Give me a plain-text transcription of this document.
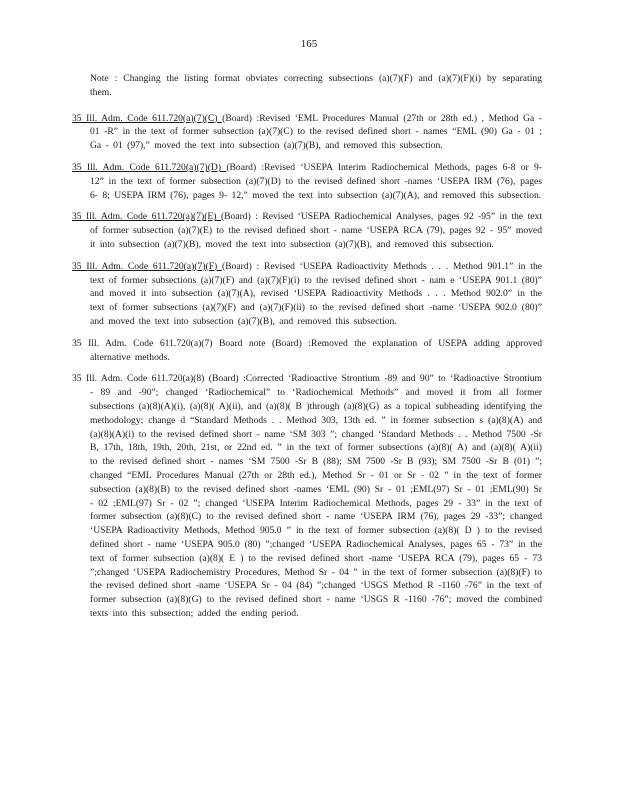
165

Note : Changing the listing format obviates correcting subsections (a)(7)(F) and (a)(7)(F)(i) by separating them.

35 Ill. Adm. Code 611.720(a)(7)(C) (Board) :Revised ‘EML Procedures Manual (27th or 28th ed.) , Method Ga - 01 -R” in the text of former subsection (a)(7)(C) to the revised defined short - names “EML (90) Ga - 01 ; Ga - 01 (97),” moved the text into subsection (a)(7)(B), and removed this subsection.
35 Ill. Adm. Code 611.720(a)(7)(D) (Board) :Revised ‘USEPA Interim Radiochemical Methods, pages 6-8 or 9-12” in the text of former subsection (a)(7)(D) to the revised defined short -names ‘USEPA IRM (76), pages 6- 8; USEPA IRM (76), pages 9- 12,” moved the text into subsection (a)(7)(A), and removed this subsection.
35 Ill. Adm. Code 611.720(a)(7)(E) (Board) : Revised ‘USEPA Radiochemical Analyses, pages 92 -95” in the text of former subsection (a)(7)(E) to the revised defined short - name ‘USEPA RCA (79), pages 92 - 95” moved it into subsection (a)(7)(B), moved the text into subsection (a)(7)(B), and removed this subsection.
35 Ill. Adm. Code 611.720(a)(7)(F) (Board) : Revised ‘USEPA Radioactivity Methods . . . Method 901.1” in the text of former subsections (a)(7)(F) and (a)(7)(F)(i) to the revised defined short - nam e ‘USEPA 901.1 (80)” and moved it into subsection (a)(7)(A), revised ‘USEPA Radioactivity Methods . . . Method 902.0” in the text of former subsections (a)(7)(F) and (a)(7)(F)(ii) to the revised defined short -name ‘USEPA 902.0 (80)” and moved the text into subsection (a)(7)(B), and removed this subsection.
35 Ill. Adm. Code 611.720(a)(7) Board note (Board) :Removed the explanation of USEPA adding approved alternative methods.
35 Ill. Adm. Code 611.720(a)(8) (Board) :Corrected ‘Radioactive Strontium -89 and 90” to ‘Radioactive Strontium - 89 and -90”; changed ‘Radiochemical” to ‘Radiochemical Methods” and moved it from all former subsections (a)(8)(A)(i), (a)(8)( A)(ii), and (a)(8)( B )through (a)(8)(G) as a topical subheading identifying the methodology; change d “Standard Methods . . Method 303, 13th ed. ” in former subsection s (a)(8)(A) and (a)(8)(A)(i) to the revised defined short - name ‘SM 303 ”; changed ‘Standard Methods . . Method 7500 -Sr B, 17th, 18th, 19th, 20th, 21st, or 22nd ed. ” in the text of former subsections (a)(8)( A) and (a)(8)( A)(ii) to the revised defined short - names ‘SM 7500 -Sr B (88); SM 7500 -Sr B (93); SM 7500 -Sr B (01) ”; changed “EML Procedures Manual (27th or 28th ed.), Method Sr - 01 or Sr - 02 ” in the text of former subsection (a)(8)(B) to the revised defined short -names ‘EML (90) Sr - 01 ;EML(97) Sr - 01 ;EML(90) Sr - 02 ;EML(97) Sr - 02 ”; changed ‘USEPA Interim Radiochemical Methods, pages 29 - 33” in the text of former subsection (a)(8)(C) to the revised defined short - name ‘USEPA IRM (76), pages 29 -33”; changed ‘USEPA Radioactivity Methods, Method 905.0 ” in the text of former subsection (a)(8)( D ) to the revised defined short - name ‘USEPA 905.0 (80) ”;changed ‘USEPA Radiochemical Analyses, pages 65 - 73” in the text of former subsection (a)(8)( E ) to the revised defined short -name ‘USEPA RCA (79), pages 65 - 73 ”;changed ‘USEPA Radiochemistry Procedures, Method Sr - 04 ” in the text of former subsection (a)(8)(F) to the revised defined short -name ‘USEPA Sr - 04 (84) ”;changed ‘USGS Method R -1160 -76” in the text of former subsection (a)(8)(G) to the revised defined short - name ‘USGS R -1160 -76”; moved the combined texts into this subsection; added the ending period.
